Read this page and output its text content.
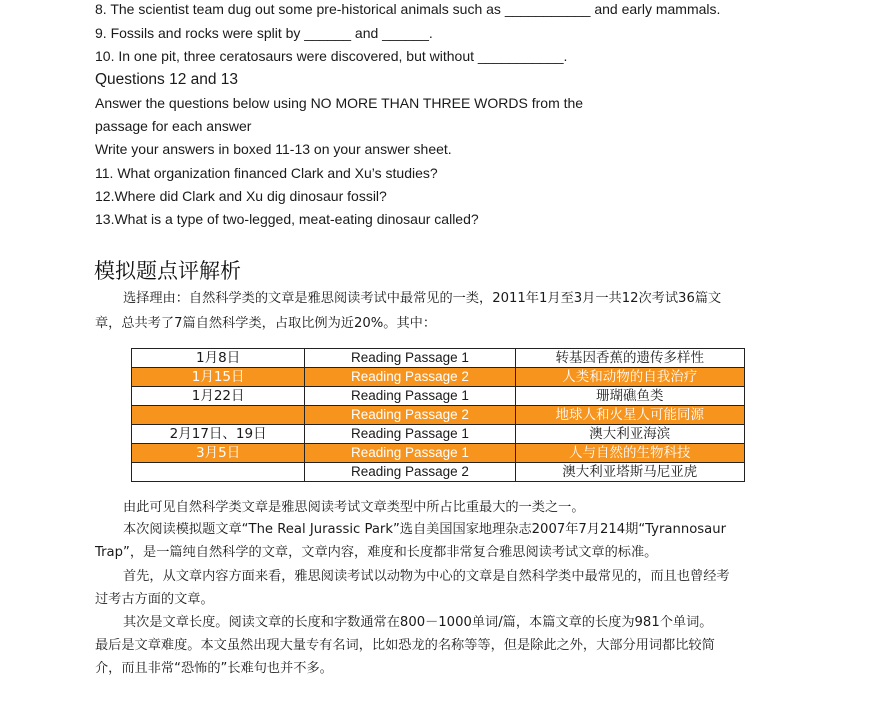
8. The scientist team dug out some pre-historical animals such as ___________ and early mammals.
9. Fossils and rocks were split by ______ and ______.
10. In one pit, three ceratosaurs were discovered, but without ___________.
Questions 12 and 13
Answer the questions below using NO MORE THAN THREE WORDS from the
passage for each answer
Write your answers in boxed 11-13 on your answer sheet.
11. What organization financed Clark and Xu’s studies?
12.Where did Clark and Xu dig dinosaur fossil?
13.What is a type of two-legged, meat-eating dinosaur called?
模拟题点评解析
选择理由：自然科学类的文章是雅思阅读考试中最常见的一类，2011年1月至3月一共12次考试36篇文
章，总共考了7篇自然科学类，占取比例为近20%。其中：
1月8日	Reading Passage 1	转基因香蕉的遗传多样性
1月15日	Reading Passage 2	人类和动物的自我治疗
1月22日	Reading Passage 1	珊瑚礁鱼类
	Reading Passage 2	地球人和火星人可能同源
2月17日、19日	Reading Passage 1	澳大利亚海滨
3月5日	Reading Passage 1	人与自然的生物科技
	Reading Passage 2	澳大利亚塔斯马尼亚虎
由此可见自然科学类文章是雅思阅读考试文章类型中所占比重最大的一类之一。
本次阅读模拟题文章“The Real Jurassic Park”选自美国国家地理杂志2007年7月214期“Tyrannosaur
Trap”，是一篇纯自然科学的文章，文章内容，难度和长度都非常复合雅思阅读考试文章的标准。
首先，从文章内容方面来看，雅思阅读考试以动物为中心的文章是自然科学类中最常见的，而且也曾经考
过考古方面的文章。
其次是文章长度。阅读文章的长度和字数通常在800－1000单词/篇，本篇文章的长度为981个单词。
最后是文章难度。本文虽然出现大量专有名词，比如恐龙的名称等等，但是除此之外，大部分用词都比较简
介，而且非常“恐怖的”长难句也并不多。
